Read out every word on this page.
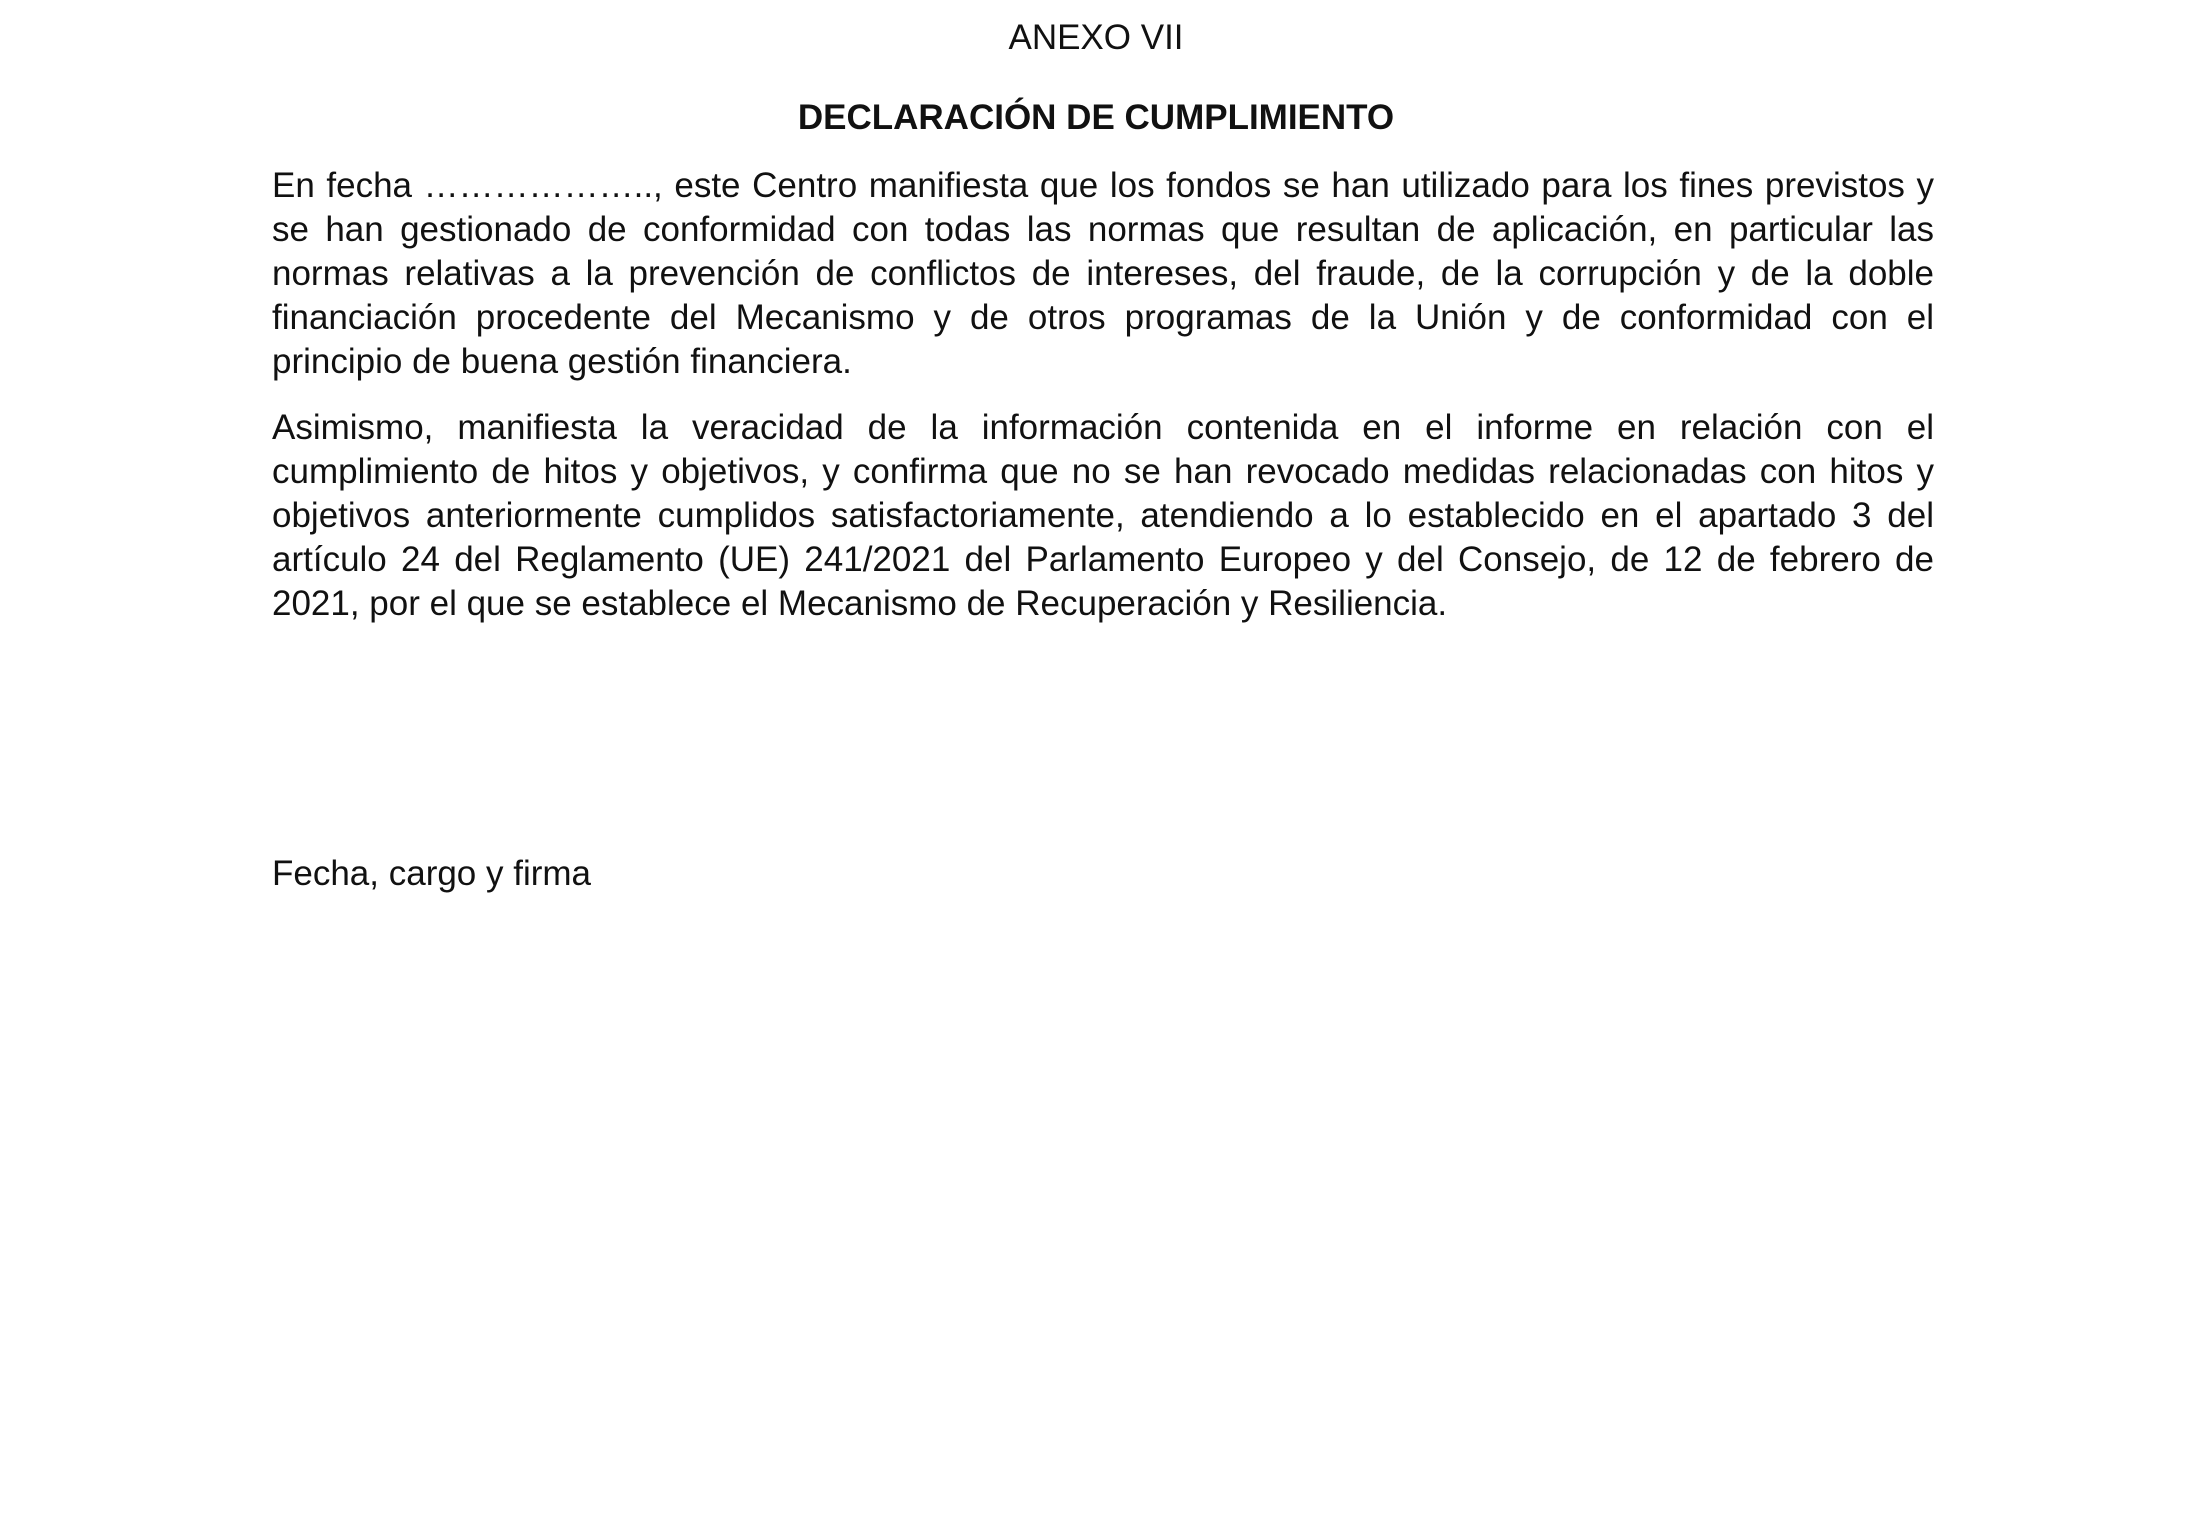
ANEXO VII
DECLARACIÓN DE CUMPLIMIENTO

En fecha ……………….., este Centro manifiesta que los fondos se han utilizado para los fines previstos y se han gestionado de conformidad con todas las normas que resultan de aplicación, en particular las normas relativas a la prevención de conflictos de intereses, del fraude, de la corrupción y de la doble financiación procedente del Mecanismo y de otros programas de la Unión y de conformidad con el principio de buena gestión financiera.

Asimismo, manifiesta la veracidad de la información contenida en el informe en relación con el cumplimiento de hitos y objetivos, y confirma que no se han revocado medidas relacionadas con hitos y objetivos anteriormente cumplidos satisfactoriamente, atendiendo a lo establecido en el apartado 3 del artículo 24 del Reglamento (UE) 241/2021 del Parlamento Europeo y del Consejo, de 12 de febrero de 2021, por el que se establece el Mecanismo de Recuperación y Resiliencia.

Fecha, cargo y firma
